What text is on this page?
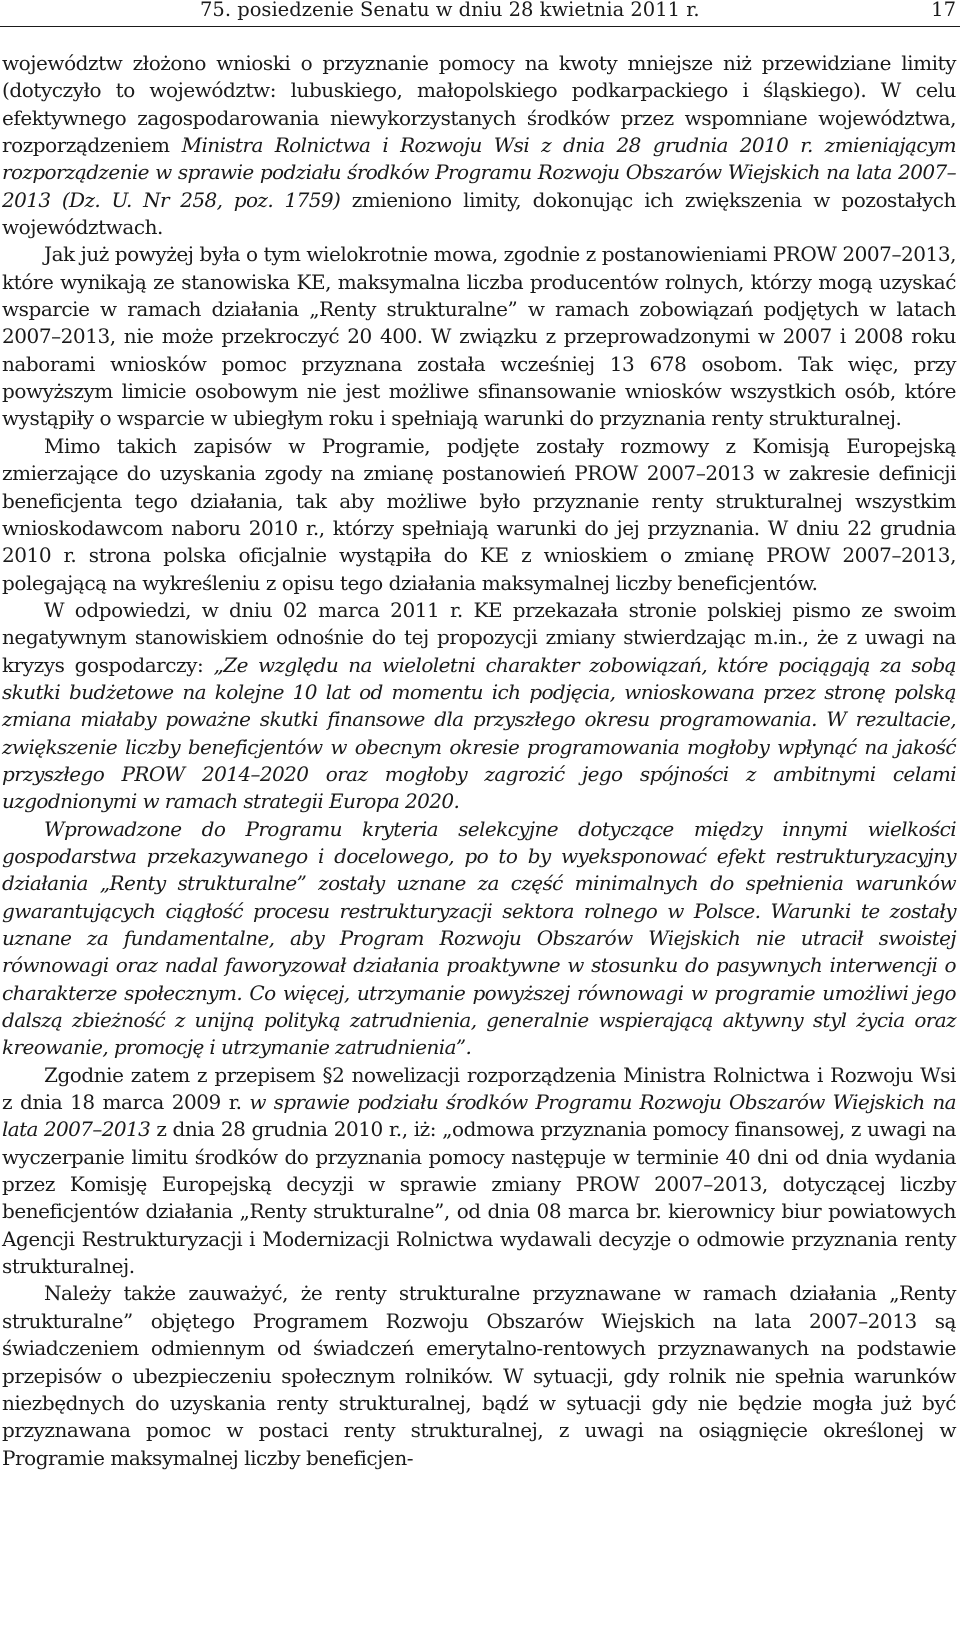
75. posiedzenie Senatu w dniu 28 kwietnia 2011 r.	17

województw złożono wnioski o przyznanie pomocy na kwoty mniejsze niż przewidziane limity (dotyczyło to województw: lubuskiego, małopolskiego podkarpackiego i śląskiego). W celu efektywnego zagospodarowania niewykorzystanych środków przez wspomniane województwa, rozporządzeniem Ministra Rolnictwa i Rozwoju Wsi z dnia 28 grudnia 2010 r. zmieniającym rozporządzenie w sprawie podziału środków Programu Rozwoju Obszarów Wiejskich na lata 2007–2013 (Dz. U. Nr 258, poz. 1759) zmieniono limity, dokonując ich zwiększenia w pozostałych województwach.

Jak już powyżej była o tym wielokrotnie mowa, zgodnie z postanowieniami PROW 2007–2013, które wynikają ze stanowiska KE, maksymalna liczba producentów rolnych, którzy mogą uzyskać wsparcie w ramach działania „Renty strukturalne” w ramach zobowiązań podjętych w latach 2007–2013, nie może przekroczyć 20 400. W związku z przeprowadzonymi w 2007 i 2008 roku naborami wniosków pomoc przyznana została wcześniej 13 678 osobom. Tak więc, przy powyższym limicie osobowym nie jest możliwe sfinansowanie wniosków wszystkich osób, które wystąpiły o wsparcie w ubiegłym roku i spełniają warunki do przyznania renty strukturalnej.

Mimo takich zapisów w Programie, podjęte zostały rozmowy z Komisją Europejską zmierzające do uzyskania zgody na zmianę postanowień PROW 2007–2013 w zakresie definicji beneficjenta tego działania, tak aby możliwe było przyznanie renty strukturalnej wszystkim wnioskodawcom naboru 2010 r., którzy spełniają warunki do jej przyznania. W dniu 22 grudnia 2010 r. strona polska oficjalnie wystąpiła do KE z wnioskiem o zmianę PROW 2007–2013, polegającą na wykreśleniu z opisu tego działania maksymalnej liczby beneficjentów.

W odpowiedzi, w dniu 02 marca 2011 r. KE przekazała stronie polskiej pismo ze swoim negatywnym stanowiskiem odnośnie do tej propozycji zmiany stwierdzając m.in., że z uwagi na kryzys gospodarczy: „Ze względu na wieloletni charakter zobowiązań, które pociągają za sobą skutki budżetowe na kolejne 10 lat od momentu ich podjęcia, wnioskowana przez stronę polską zmiana miałaby poważne skutki finansowe dla przyszłego okresu programowania. W rezultacie, zwiększenie liczby beneficjentów w obecnym okresie programowania mogłoby wpłynąć na jakość przyszłego PROW 2014–2020 oraz mogłoby zagrozić jego spójności z ambitnymi celami uzgodnionymi w ramach strategii Europa 2020.

Wprowadzone do Programu kryteria selekcyjne dotyczące między innymi wielkości gospodarstwa przekazywanego i docelowego, po to by wyeksponować efekt restrukturyzacyjny działania „Renty strukturalne” zostały uznane za część minimalnych do spełnienia warunków gwarantujących ciągłość procesu restrukturyzacji sektora rolnego w Polsce. Warunki te zostały uznane za fundamentalne, aby Program Rozwoju Obszarów Wiejskich nie utracił swoistej równowagi oraz nadal faworyzował działania proaktywne w stosunku do pasywnych interwencji o charakterze społecznym. Co więcej, utrzymanie powyższej równowagi w programie umożliwi jego dalszą zbieżność z unijną polityką zatrudnienia, generalnie wspierającą aktywny styl życia oraz kreowanie, promocję i utrzymanie zatrudnienia”.

Zgodnie zatem z przepisem §2 nowelizacji rozporządzenia Ministra Rolnictwa i Rozwoju Wsi z dnia 18 marca 2009 r. w sprawie podziału środków Programu Rozwoju Obszarów Wiejskich na lata 2007–2013 z dnia 28 grudnia 2010 r., iż: „odmowa przyznania pomocy finansowej, z uwagi na wyczerpanie limitu środków do przyznania pomocy następuje w terminie 40 dni od dnia wydania przez Komisję Europejską decyzji w sprawie zmiany PROW 2007–2013, dotyczącej liczby beneficjentów działania „Renty strukturalne”, od dnia 08 marca br. kierownicy biur powiatowych Agencji Restrukturyzacji i Modernizacji Rolnictwa wydawali decyzje o odmowie przyznania renty strukturalnej.

Należy także zauważyć, że renty strukturalne przyznawane w ramach działania „Renty strukturalne” objętego Programem Rozwoju Obszarów Wiejskich na lata 2007–2013 są świadczeniem odmiennym od świadczeń emerytalno-rentowych przyznawanych na podstawie przepisów o ubezpieczeniu społecznym rolników. W sytuacji, gdy rolnik nie spełnia warunków niezbędnych do uzyskania renty strukturalnej, bądź w sytuacji gdy nie będzie mogła już być przyznawana pomoc w postaci renty strukturalnej, z uwagi na osiągnięcie określonej w Programie maksymalnej liczby beneficjen-
